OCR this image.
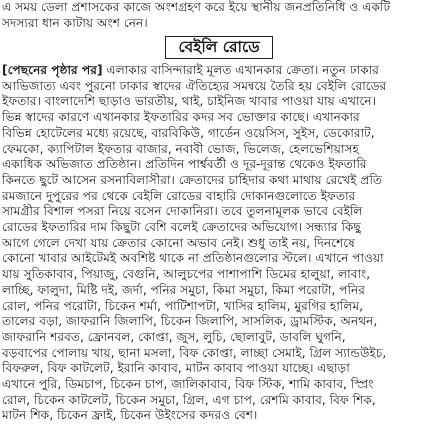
এ সময় ডেলা প্রশাসকের কাজে অংশগ্রহণ করে ইয়ে স্থানীয় জনপ্রতিনিধি ও একটি
সদস্যরা ধান কাটায় অংশ নেন।
বেইলি রোডে
[পেছনের পৃষ্ঠার পর] এলাকার বাসিন্দারাই মূলত এখানকার ক্রেতা। নতুন ঢাকার
আভিজাত্য এবং পুরনো ঢাকার স্বাদের ঐতিহ্যের সমন্বয়ে তৈরি হয় বেইলি রোডের
ইফতার। বাংলাদেশি ছাড়াও ভারতীয়, থাই, চাইনিজ খাবার পাওয়া যায় এখানে।
ভিন্ন স্বাদের কারণে এখানকার ইফতারির কদর সব ভোক্তার কাছে। এখানকার
বিভিন্ন হোটেলের মধ্যে রয়েছে, বারবিকিউ, গার্ডেন ওয়েসিস, সুইস, ডেকোরাট,
ফেমকো, ক্যাপিটাল ইফতার বাজার, নবাবী ভোজ, ভিলেজ, হেলভেশিয়াসহ
একাধিক অভিজাত প্রতিষ্ঠান। প্রতিদিন পার্শ্ববর্তী ও দূর-দূরান্ত থেকেও ইফতারি
কিনতে ছুটে আসেন রসনাবিলাসীরা। ক্রেতাদের চাহিদার কথা মাথায় রেখেই প্রতি
রমজানে দুপুরের পর থেকে বেইলি রোডের বাহারি দোকানগুলোতে ইফতার
সামগ্রীর বিশাল পসরা নিয়ে বসেন দোকানিরা। তবে তুলনামূলক ভাবে বেইলি
রোডের ইফতারির দাম কিছুটা বেশি বলেই ক্রেতাদের অভিযোগ। সন্ধ্যার কিছু
আগে গেলে দেখা যায় ক্রেতার কোনো অভাব নেই। শুধু তাই নয়, দিনশেষে
কোনো খাবার আইটেমই অবশিষ্ট থাকে না প্রতিষ্ঠানগুলোর স্টলে। এখানে পাওয়া
যায় সুতিকাবাব, পিয়াজু, বেগুনি, আলুচপের পাশাপাশি ডিমের হালুয়া, লাবাং,
লাচ্ছি, ফালুদা, মিষ্টি দই, জর্দা, পনির সমুচা, কিমা সমুচা, কিমা পরোটা, পনির
রোল, পনির পরোটা, চিকেন শর্মা, পাটিশাপটা, খাসির হালিম, মুরগির হালিম,
তালের বড়া, জাফরানি জিলাপি, চিকেন জিলাপি, সাসলিক, ড্রামস্টিক, অনথন,
জাফরানি শরবত, ফ্রোনবল, কোপ্তা, জুস, লুচি, ছোলাবুট, ডাবলি ঘুগনি,
বড়বাপের পোলায় খায়, ছানা মসলা, বিফ কোপ্তা, লাচ্ছা সেমাই, গ্রিল স্যান্ডউইচ,
বিফরুল, বিফ কাটলেট, ইরানি কাবাব, মাটন কাবাব পাওয়া যাচ্ছে। এছাড়া
এখানে পুরি, ডিমচাপ, চিকেন চাপ, জালিকাবাব, বিফ স্টিক, শামি কাবাব, স্প্রিং
রোল, চিকেন কাটলেট, চিকেন সমুচা, গ্রিল, এগ চাপ, রেশমি কাবাব, বিফ শিক,
মাটন শিক, চিকেন ফ্রাই, চিকেন উইংসের কদরও বেশ।
